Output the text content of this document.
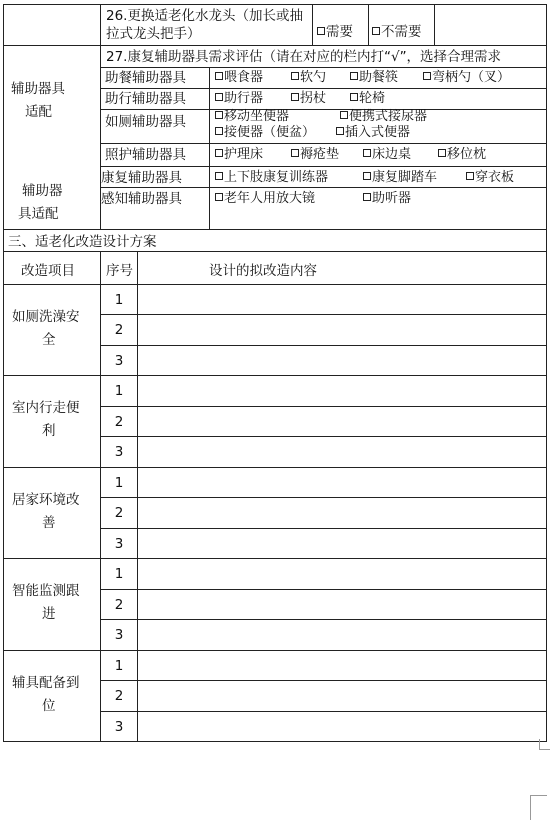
26.更换适老化水龙头（加长或抽
拉式龙头把手）	需要	不需要
辅助器具
适配
辅助器
具适配
27.康复辅助器具需求评估（请在对应的栏内打“√”，选择合理需求
助餐辅助器具	喂食器	软勺	助餐筷	弯柄勺（叉）
助行辅助器具	助行器	拐杖	轮椅
如厕辅助器具	移动坐便器	便携式接尿器
接便器（便盆）	插入式便器
照护辅助器具	护理床	褥疮垫	床边桌	移位枕
康复辅助器具	上下肢康复训练器	康复脚踏车	穿衣板
感知辅助器具	老年人用放大镜	助听器
三、适老化改造设计方案
改造项目 序号	设计的拟改造内容
如厕洗澡安
全
1
2
3
室内行走便
利
1
2
3
居家环境改
善
1
2
3
智能监测跟
进
1
2
3
辅具配备到
位
1
2
3
